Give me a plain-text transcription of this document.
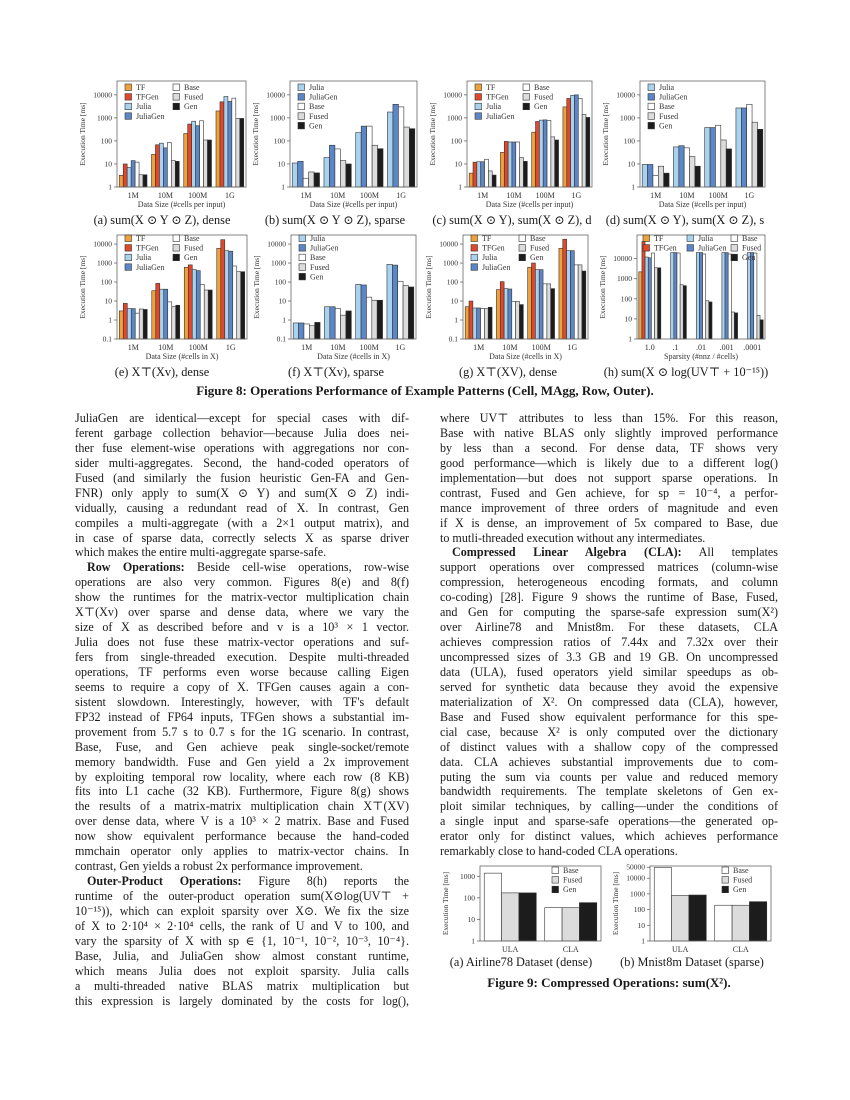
1
10
100
1000
10000
1M 10M 100M 1G
Data Size (#cells per input)
Execution Time [ms]
TF
TFGen
Julia
JuliaGen
Base
Fused
Gen
1
10
100
1000
10000
1M 10M 100M 1G
Data Size (#cells per input)
Execution Time [ms]
Julia
JuliaGen
Base
Fused
Gen
1
10
100
1000
10000
1M 10M 100M 1G
Data Size (#cells per input)
Execution Time [ms]
TF
TFGen
Julia
JuliaGen
Base
Fused
Gen
1
10
100
1000
10000
1M 10M 100M 1G
Data Size (#cells per input)
Execution Time [ms]
Julia
JuliaGen
Base
Fused
Gen
0.1
1
10
100
1000
10000
1M 10M 100M 1G
Data Size (#cells in X)
Execution Time [ms]
TF
TFGen
Julia
JuliaGen
Base
Fused
Gen
0.1
1
10
100
1000
10000
1M 10M 100M 1G
Data Size (#cells in X)
Execution Time [ms]
Julia
JuliaGen
Base
Fused
Gen
0.1
1
10
100
1000
10000
1M 10M 100M 1G
Data Size (#cells in X)
Execution Time [ms]
TF
TFGen
Julia
JuliaGen
Base
Fused
Gen
1
10
100
1000
10000
1.0 .1 .01 .001 .0001
Sparsity (#nnz / #cells)
Execution Time [ms]
TF
TFGen
Julia
JuliaGen
Base
Fused
Gen
(a) sum(X ⊙ Y ⊙ Z), dense	(b) sum(X ⊙ Y ⊙ Z), sparse	(c) sum(X ⊙ Y), sum(X ⊙ Z), d	(d) sum(X ⊙ Y), sum(X ⊙ Z), s
(e) X⊤(Xv), dense	(f) X⊤(Xv), sparse	(g) X⊤(XV), dense	(h) sum(X ⊙ log(UV⊤ + 10⁻¹⁵))
Figure 8: Operations Performance of Example Patterns (Cell, MAgg, Row, Outer).
JuliaGen are identical—except for special cases with dif-
ferent garbage collection behavior—because Julia does nei-
ther fuse element-wise operations with aggregations nor con-
sider multi-aggregates. Second, the hand-coded operators of
Fused (and similarly the fusion heuristic Gen-FA and Gen-
FNR) only apply to sum(X ⊙ Y) and sum(X ⊙ Z) indi-
vidually, causing a redundant read of X. In contrast, Gen
compiles a multi-aggregate (with a 2×1 output matrix), and
in case of sparse data, correctly selects X as sparse driver
which makes the entire multi-aggregate sparse-safe.
Row Operations: Beside cell-wise operations, row-wise
operations are also very common. Figures 8(e) and 8(f)
show the runtimes for the matrix-vector multiplication chain
X⊤(Xv) over sparse and dense data, where we vary the
size of X as described before and v is a 10³ × 1 vector.
Julia does not fuse these matrix-vector operations and suf-
fers from single-threaded execution. Despite multi-threaded
operations, TF performs even worse because calling Eigen
seems to require a copy of X. TFGen causes again a con-
sistent slowdown. Interestingly, however, with TF's default
FP32 instead of FP64 inputs, TFGen shows a substantial im-
provement from 5.7 s to 0.7 s for the 1G scenario. In contrast,
Base, Fuse, and Gen achieve peak single-socket/remote
memory bandwidth. Fuse and Gen yield a 2x improvement
by exploiting temporal row locality, where each row (8 KB)
fits into L1 cache (32 KB). Furthermore, Figure 8(g) shows
the results of a matrix-matrix multiplication chain X⊤(XV)
over dense data, where V is a 10³ × 2 matrix. Base and Fused
now show equivalent performance because the hand-coded
mmchain operator only applies to matrix-vector chains. In
contrast, Gen yields a robust 2x performance improvement.
Outer-Product Operations: Figure 8(h) reports the
runtime of the outer-product operation sum(X⊙log(UV⊤ +
10⁻¹⁵)), which can exploit sparsity over X⊙. We fix the size
of X to 2·10⁴ × 2·10⁴ cells, the rank of U and V to 100, and
vary the sparsity of X with sp ∈ {1, 10⁻¹, 10⁻², 10⁻³, 10⁻⁴}.
Base, Julia, and JuliaGen show almost constant runtime,
which means Julia does not exploit sparsity. Julia calls
a multi-threaded native BLAS matrix multiplication but
this expression is largely dominated by the costs for log(),
where UV⊤ attributes to less than 15%. For this reason,
Base with native BLAS only slightly improved performance
by less than a second. For dense data, TF shows very
good performance—which is likely due to a different log()
implementation—but does not support sparse operations. In
contrast, Fused and Gen achieve, for sp = 10⁻⁴, a perfor-
mance improvement of three orders of magnitude and even
if X is dense, an improvement of 5x compared to Base, due
to mutli-threaded execution without any intermediates.
Compressed Linear Algebra (CLA): All templates
support operations over compressed matrices (column-wise
compression, heterogeneous encoding formats, and column
co-coding) [28]. Figure 9 shows the runtime of Base, Fused,
and Gen for computing the sparse-safe expression sum(X²)
over Airline78 and Mnist8m. For these datasets, CLA
achieves compression ratios of 7.44x and 7.32x over their
uncompressed sizes of 3.3 GB and 19 GB. On uncompressed
data (ULA), fused operators yield similar speedups as ob-
served for synthetic data because they avoid the expensive
materialization of X². On compressed data (CLA), however,
Base and Fused show equivalent performance for this spe-
cial case, because X² is only computed over the dictionary
of distinct values with a shallow copy of the compressed
data. CLA achieves substantial improvements due to com-
puting the sum via counts per value and reduced memory
bandwidth requirements. The template skeletons of Gen ex-
ploit similar techniques, by calling—under the conditions of
a single input and sparse-safe operations—the generated op-
erator only for distinct values, which achieves performance
remarkably close to hand-coded CLA operations.
1
10
100
1000
ULA	CLA
Execution Time [ms]
Base
Fused
Gen
1
10
100
1000
10000
50000
ULA	CLA
Execution Time [ms]
Base
Fused
Gen
(a) Airline78 Dataset (dense)	(b) Mnist8m Dataset (sparse)
Figure 9: Compressed Operations: sum(X²).
